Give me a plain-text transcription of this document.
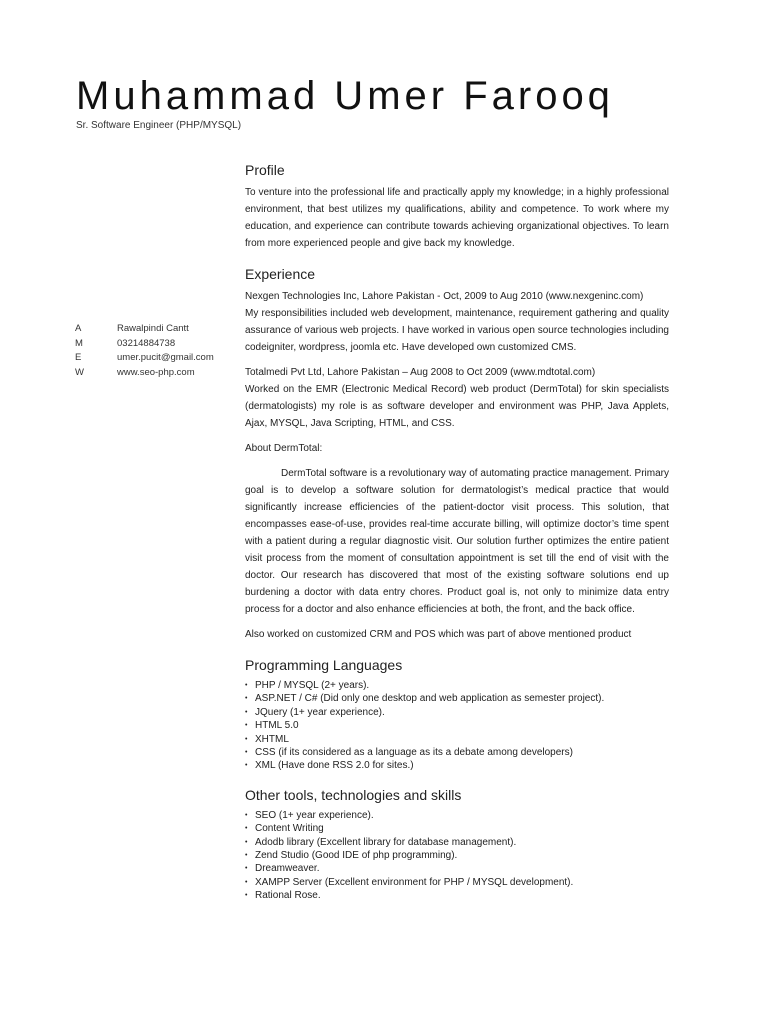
Muhammad Umer Farooq

Sr. Software Engineer (PHP/MYSQL)

A	Rawalpindi Cantt
M	03214884738
E	umer.pucit@gmail.com
W	www.seo-php.com
Profile

To venture into the professional life and practically apply my knowledge; in a highly professional environment, that best utilizes my qualifications, ability and competence. To work where my education, and experience can contribute towards achieving organizational objectives. To learn from more experienced people and give back my knowledge.

Experience

Nexgen Technologies Inc, Lahore Pakistan - Oct, 2009 to Aug 2010 (www.nexgeninc.com)

My responsibilities included web development, maintenance, requirement gathering and quality assurance of various web projects. I have worked in various open source technologies including codeigniter, wordpress, joomla etc. Have developed own customized CMS.

Totalmedi Pvt Ltd, Lahore Pakistan – Aug 2008 to Oct 2009 (www.mdtotal.com)

Worked on the EMR (Electronic Medical Record) web product (DermTotal) for skin specialists (dermatologists) my role is as software developer and environment was PHP, Java Applets, Ajax, MYSQL, Java Scripting, HTML, and CSS.

About DermTotal:

DermTotal software is a revolutionary way of automating practice management. Primary goal is to develop a software solution for dermatologist’s medical practice that would significantly increase efficiencies of the patient-doctor visit process. This solution, that encompasses ease-of-use, provides real-time accurate billing, will optimize doctor’s time spent with a patient during a regular diagnostic visit. Our solution further optimizes the entire patient visit process from the moment of consultation appointment is set till the end of visit with the doctor. Our research has discovered that most of the existing software solutions end up burdening a doctor with data entry chores. Product goal is, not only to minimize data entry process for a doctor and also enhance efficiencies at both, the front, and the back office.

Also worked on customized CRM and POS which was part of above mentioned product

Programming Languages
• PHP / MYSQL (2+ years).
• ASP.NET / C# (Did only one desktop and web application as semester project).
• JQuery (1+ year experience).
• HTML 5.0
• XHTML
• CSS (if its considered as a language as its a debate among developers)
• XML (Have done RSS 2.0 for sites.)
Other tools, technologies and skills
• SEO (1+ year experience).
• Content Writing
• Adodb library (Excellent library for database management).
• Zend Studio (Good IDE of php programming).
• Dreamweaver.
• XAMPP Server (Excellent environment for PHP / MYSQL development).
• Rational Rose.
